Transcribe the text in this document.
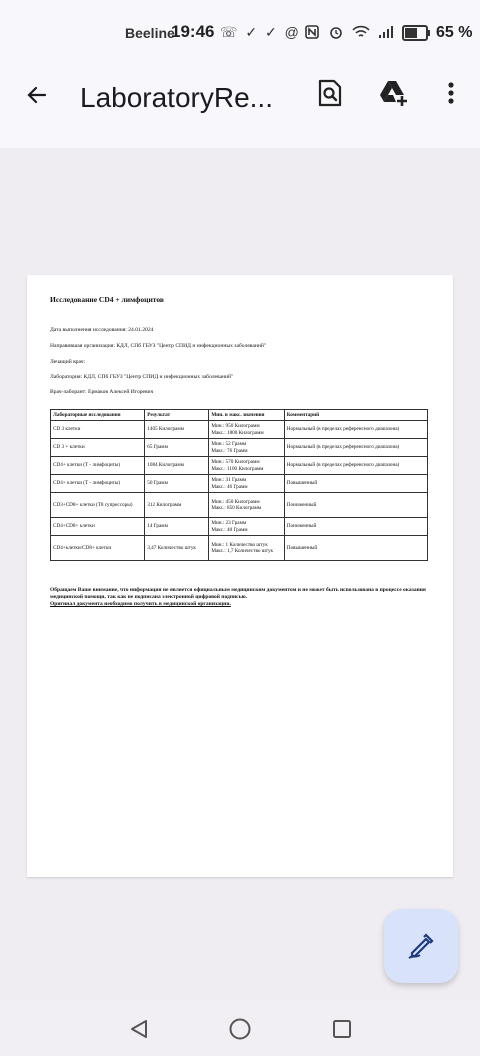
Beeline
19:46 ☏ ✓ ✓ @	65 %
LaboratoryRe...
Исследование CD4 + лимфоцитов
Дата выполнения исследования: 24.01.2024
Направившая организация: КДЛ, СПб ГБУЗ "Центр СПИД и инфекционных заболеваний"
Лечащий врач:
Лаборатория: КДЛ, СПб ГБУЗ "Центр СПИД и инфекционных заболеваний"
Врач-лаборант: Ермаков Алексей Игоревич
Лабораторные исследования	Результат	Мин. и макс. значения	Комментарий
CD 3 клетки	1405 Килограмм	Мин.: 950 Килограмм
Макс.: 1800 Килограмм	Нормальный (в пределах референсного диапазона)
CD 3 + клетки	65 Грамм	Мин.: 52 Грамм
Макс.: 76 Грамм	Нормальный (в пределах референсного диапазона)
CD4+ клетки (Т - лимфоциты)	1084 Килограмм	Мин.: 570 Килограмм
Макс.: 1100 Килограмм	Нормальный (в пределах референсного диапазона)
CD4+ клетки (Т - лимфоциты)	50 Грамм	Мин.: 31 Грамм
Макс.: 46 Грамм	Повышенный
CD3+CD8+ клетки (Т8 супрессоры)	312 Килограмм	Мин.: 450 Килограмм
Макс.: 850 Килограмм	Пониженный
CD4+CD8+ клетки	14 Грамм	Мин.: 23 Грамм
Макс.: 40 Грамм	Пониженный
CD4+клетки/CD8+ клетки	3,47 Количество штук	Мин.: 1 Количество штук
Макс.: 1,7 Количество штук	Повышенный
Обращаем Ваше внимание, что информация не является официальным медицинским документом и не может быть использована в процессе оказания медицинской помощи, так как не подписана электронной цифровой подписью.
Оригинал документа необходимо получить в медицинской организации.
